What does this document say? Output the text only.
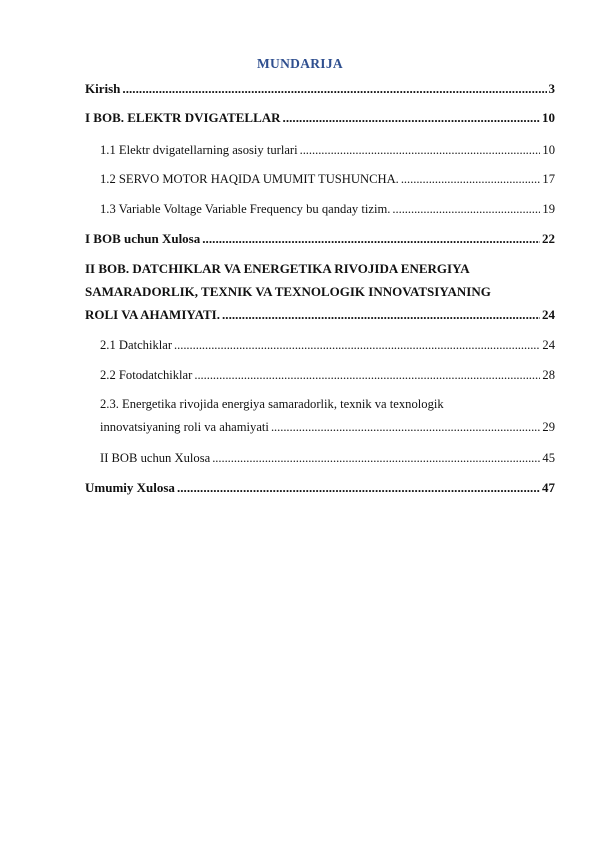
MUNDARIJA
Kirish . . .	3
I BOB. ELEKTR DVIGATELLAR . . .	10
1.1 Elektr dvigatellarning asosiy turlari . . .	10
1.2 SERVO MOTOR HAQIDA UMUMIT TUSHUNCHA. . . .	17
1.3 Variable Voltage Variable Frequency bu qanday tizim. . . .	19
I BOB uchun Xulosa . . .	22
II BOB. DATCHIKLAR VA ENERGETIKA RIVOJIDA ENERGIYA
SAMARADORLIK, TEXNIK VA TEXNOLOGIK INNOVATSIYANING
ROLI VA AHAMIYATI. . . .	24
2.1 Datchiklar . . .	24
2.2 Fotodatchiklar . . .	28
2.3. Energetika rivojida energiya samaradorlik, texnik va texnologik
innovatsiyaning roli va ahamiyati . . .	29
II BOB uchun Xulosa . . .	45
Umumiy Xulosa . . .	47
